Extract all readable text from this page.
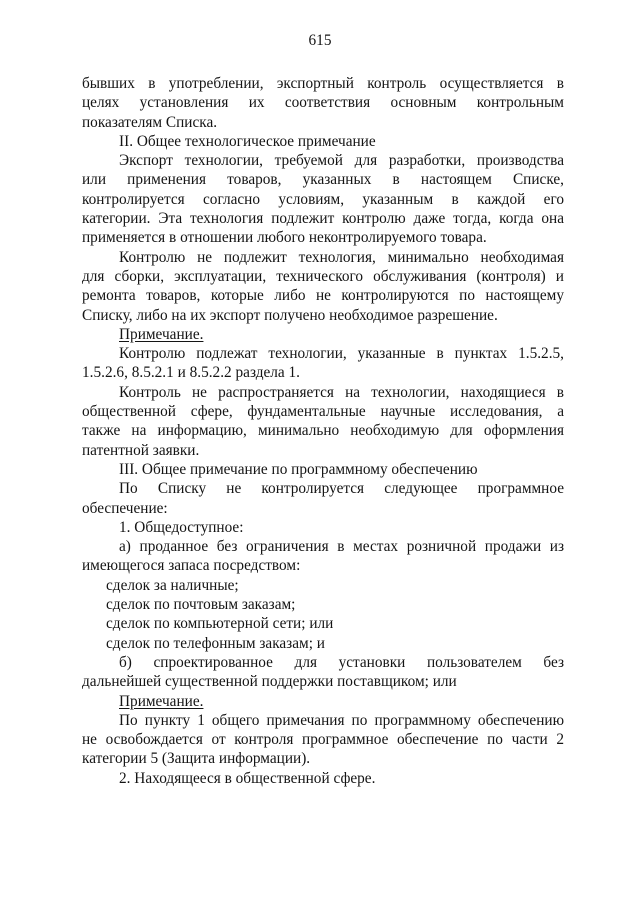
615
бывших в употреблении, экспортный контроль осуществляется в
целях установления их соответствия основным контрольным
показателям Списка.
II. Общее технологическое примечание
Экспорт технологии, требуемой для разработки, производства
или применения товаров, указанных в настоящем Списке,
контролируется согласно условиям, указанным в каждой его
категории. Эта технология подлежит контролю даже тогда, когда она
применяется в отношении любого неконтролируемого товара.
Контролю не подлежит технология, минимально необходимая
для сборки, эксплуатации, технического обслуживания (контроля) и
ремонта товаров, которые либо не контролируются по настоящему
Списку, либо на их экспорт получено необходимое разрешение.
Примечание.
Контролю подлежат технологии, указанные в пунктах 1.5.2.5,
1.5.2.6, 8.5.2.1 и 8.5.2.2 раздела 1.
Контроль не распространяется на технологии, находящиеся в
общественной сфере, фундаментальные научные исследования, а
также на информацию, минимально необходимую для оформления
патентной заявки.
III. Общее примечание по программному обеспечению
По Списку не контролируется следующее программное
обеспечение:
1. Общедоступное:
а) проданное без ограничения в местах розничной продажи из
имеющегося запаса посредством:
сделок за наличные;
сделок по почтовым заказам;
сделок по компьютерной сети; или
сделок по телефонным заказам; и
б) спроектированное для установки пользователем без
дальнейшей существенной поддержки поставщиком; или
Примечание.
По пункту 1 общего примечания по программному обеспечению
не освобождается от контроля программное обеспечение по части 2
категории 5 (Защита информации).
2. Находящееся в общественной сфере.
